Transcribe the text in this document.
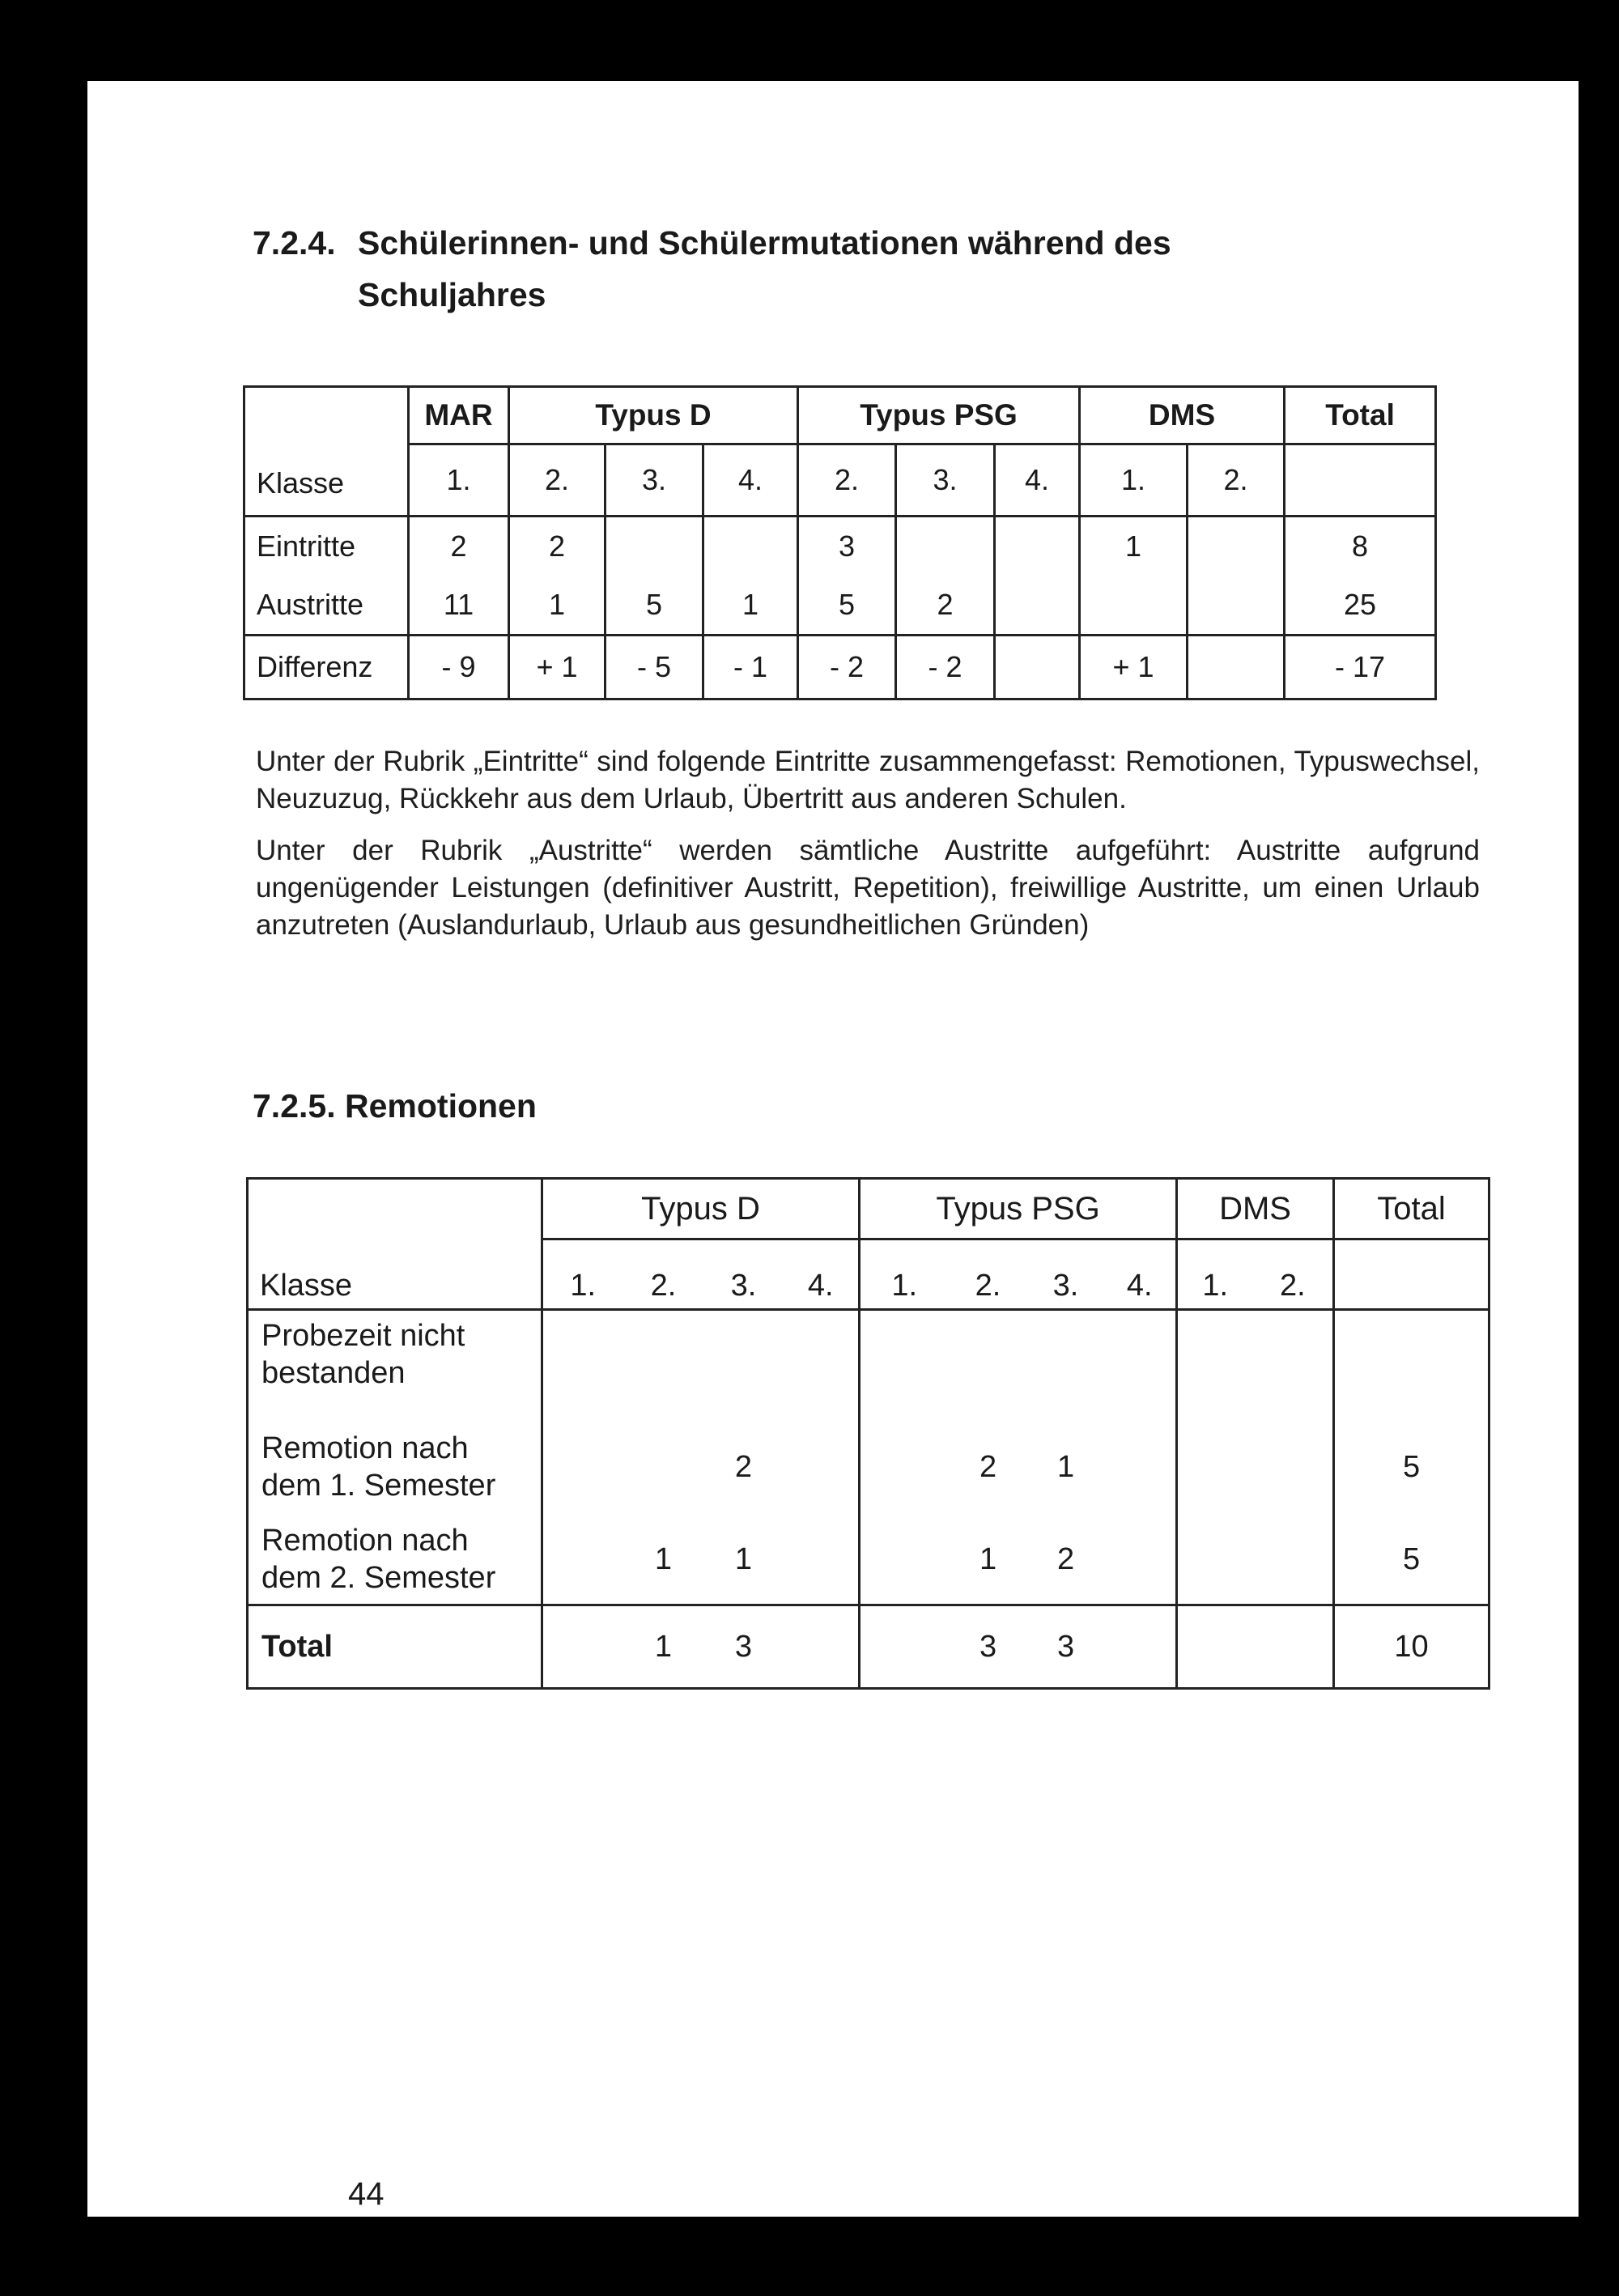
7.2.4. Schülerinnen- und Schülermutationen während des
Schuljahres
Klasse	MAR	Typus D			Typus PSG			DMS		Total
	1.	2.	3.	4.	2.	3.	4.	1.	2.	
Eintritte	2	2			3			1		8
Austritte	11	1	5	1	5	2				25
Differenz	- 9	+ 1	- 5	- 1	- 2	- 2		+ 1		- 17

Unter der Rubrik „Eintritte“ sind folgende Eintritte zusammengefasst: Remotionen, Typuswechsel, Neuzuzug, Rückkehr aus dem Urlaub, Übertritt aus anderen Schulen.

Unter der Rubrik „Austritte“ werden sämtliche Austritte aufgeführt: Austritte aufgrund ungenügender Leistungen (definitiver Austritt, Repetition), freiwillige Austritte, um einen Urlaub anzutreten (Auslandurlaub, Urlaub aus gesundheitlichen Gründen)

7.2.5. Remotionen
Klasse	Typus D				Typus PSG				DMS		Total
	1.	2.	3.	4.	1.	2.	3.	4.	1.	2.	
Probezeit nicht
bestanden											
Remotion nach
dem 1. Semester			2			2	1				5
Remotion nach
dem 2. Semester		1	1			1	2				5
Total		1	3			3	3				10
44
